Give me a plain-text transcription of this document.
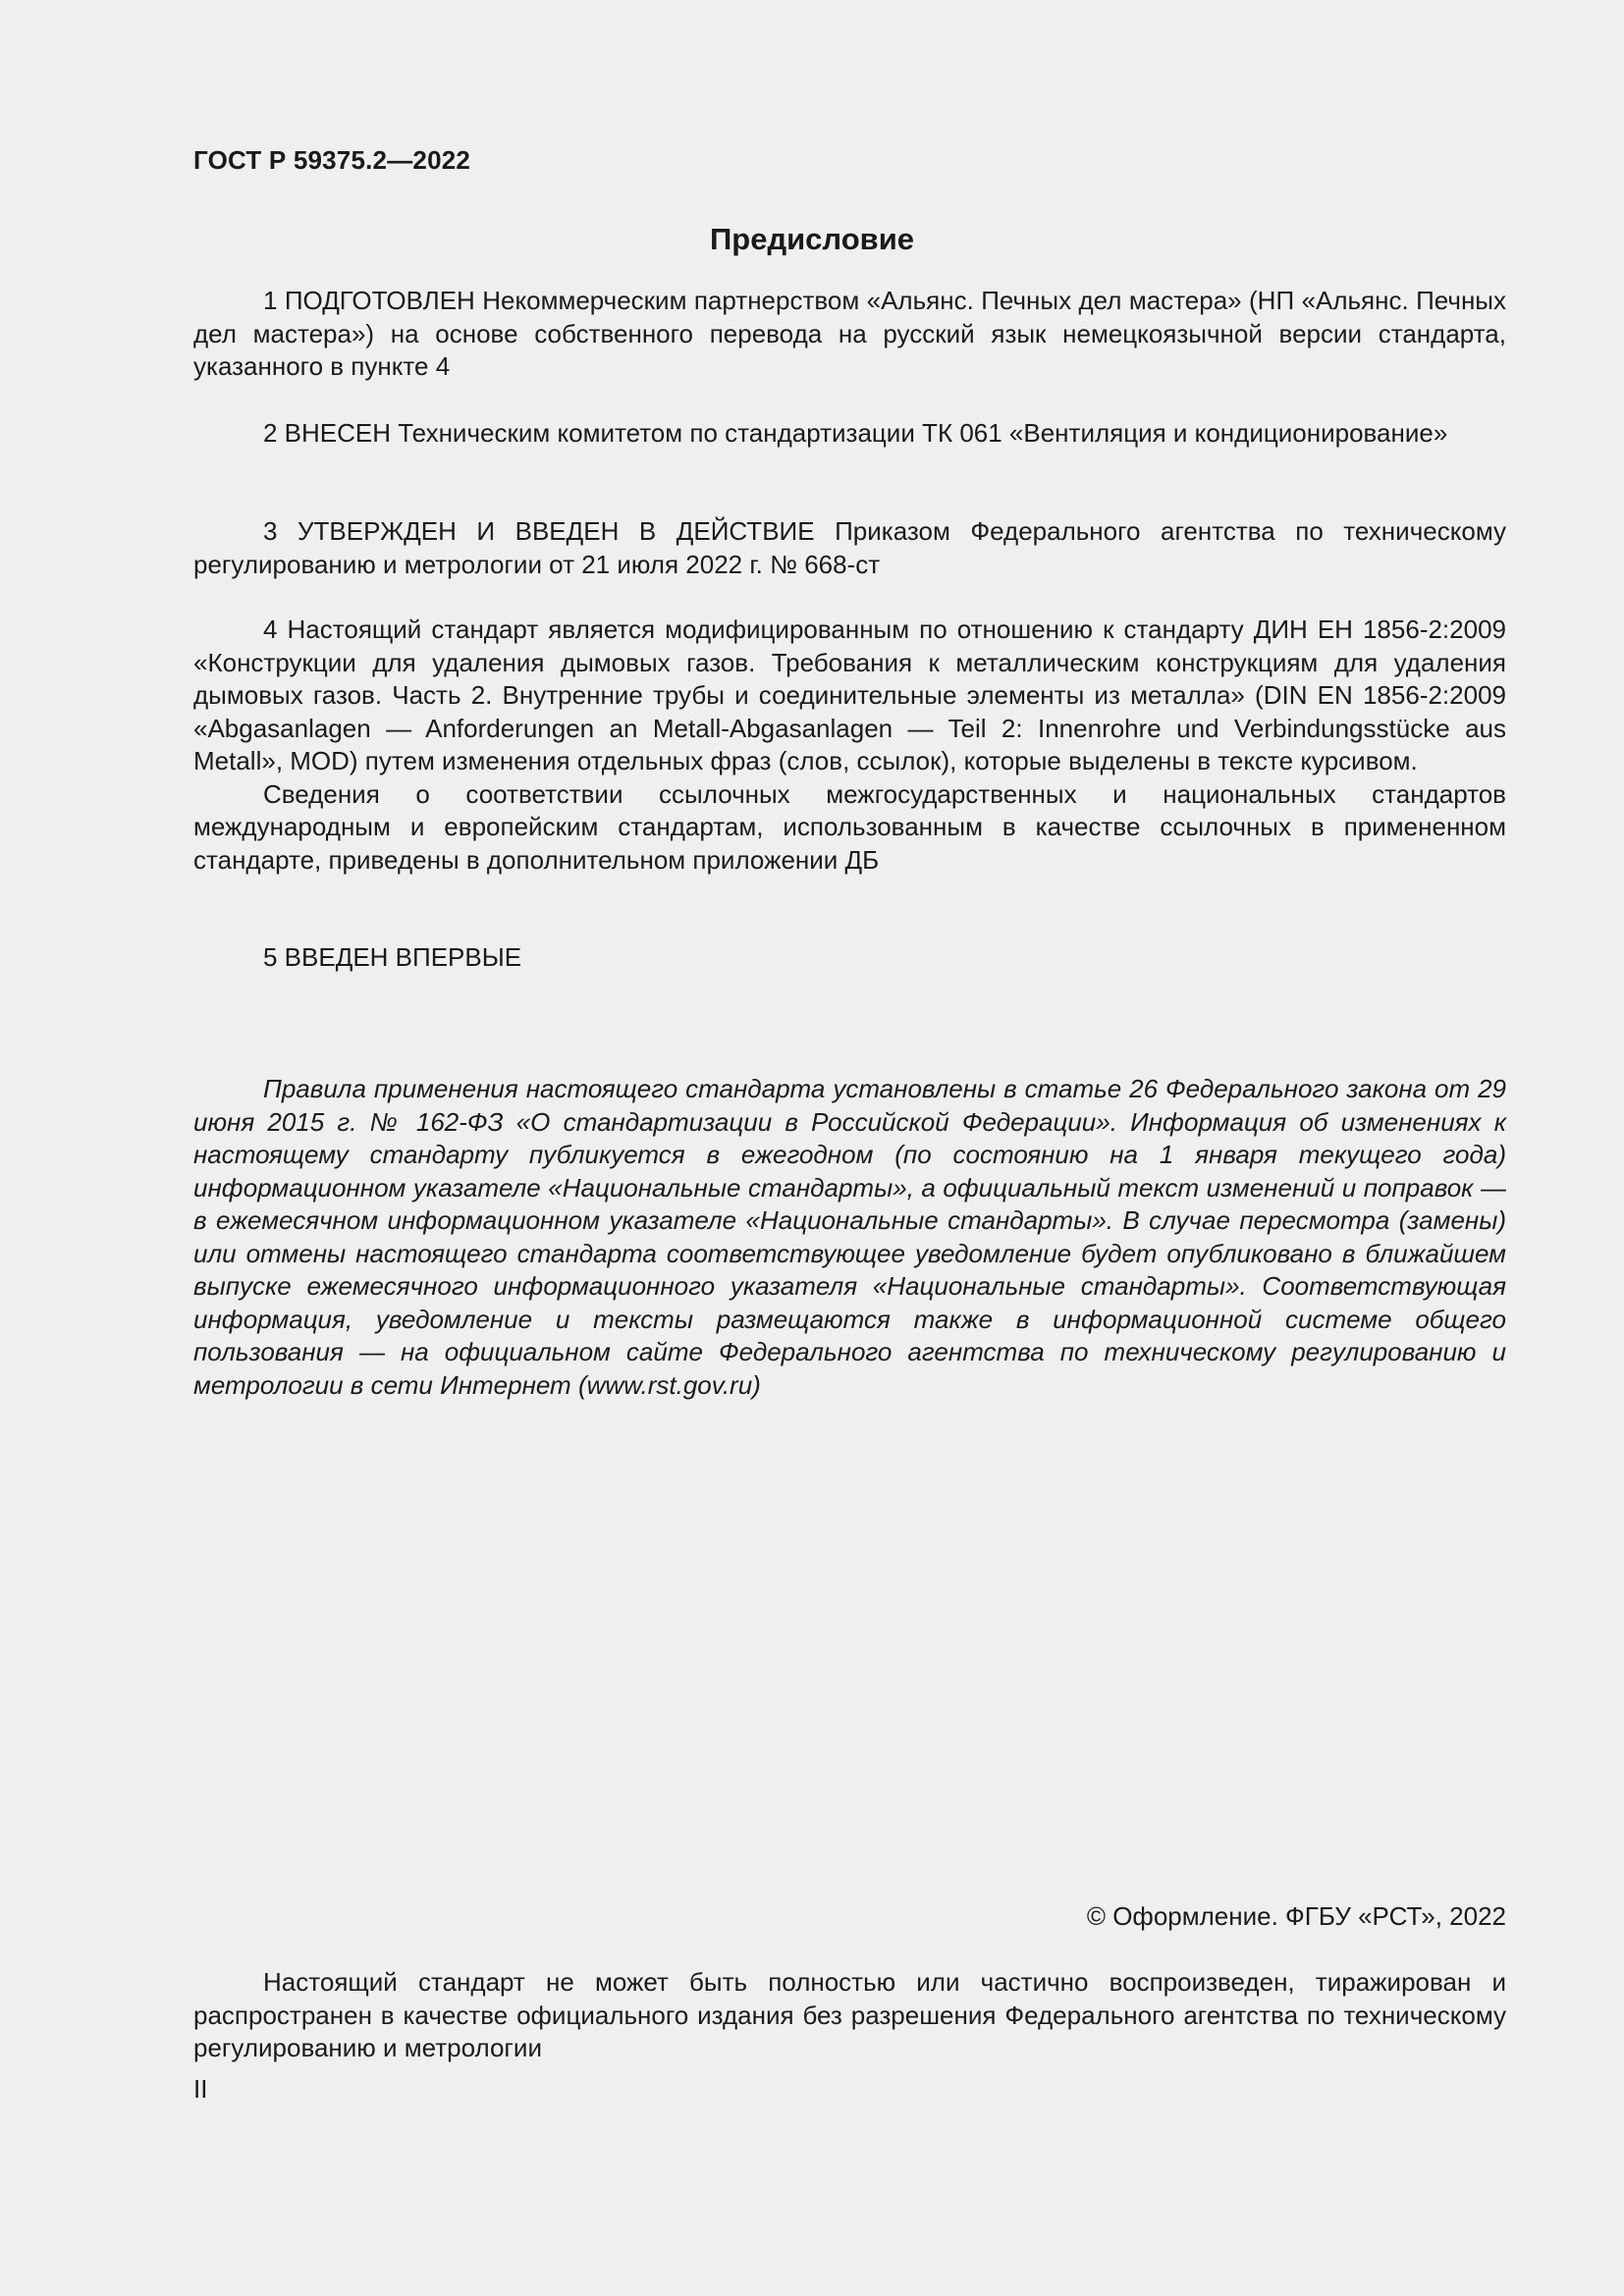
ГОСТ Р 59375.2—2022
Предисловие

1 ПОДГОТОВЛЕН Некоммерческим партнерством «Альянс. Печных дел мастера» (НП «Альянс. Печных дел мастера») на основе собственного перевода на русский язык немецкоязычной версии стандарта, указанного в пункте 4

2 ВНЕСЕН Техническим комитетом по стандартизации ТК 061 «Вентиляция и кондиционирование»

3 УТВЕРЖДЕН И ВВЕДЕН В ДЕЙСТВИЕ Приказом Федерального агентства по техническому регулированию и метрологии от 21 июля 2022 г. № 668-ст

4 Настоящий стандарт является модифицированным по отношению к стандарту ДИН ЕН 1856-2:2009 «Конструкции для удаления дымовых газов. Требования к металлическим конструкциям для удаления дымовых газов. Часть 2. Внутренние трубы и соединительные элементы из металла» (DIN EN 1856-2:2009 «Abgasanlagen — Anforderungen an Metall-Abgasanlagen — Teil 2: Innenrohre und Verbindungsstücke aus Metall», MOD) путем изменения отдельных фраз (слов, ссылок), которые выделены в тексте курсивом.

Сведения о соответствии ссылочных межгосударственных и национальных стандартов международным и европейским стандартам, использованным в качестве ссылочных в примененном стандарте, приведены в дополнительном приложении ДБ

5 ВВЕДЕН ВПЕРВЫЕ

Правила применения настоящего стандарта установлены в статье 26 Федерального закона от 29 июня 2015 г. № 162-ФЗ «О стандартизации в Российской Федерации». Информация об изменениях к настоящему стандарту публикуется в ежегодном (по состоянию на 1 января текущего года) информационном указателе «Национальные стандарты», а официальный текст изменений и поправок — в ежемесячном информационном указателе «Национальные стандарты». В случае пересмотра (замены) или отмены настоящего стандарта соответствующее уведомление будет опубликовано в ближайшем выпуске ежемесячного информационного указателя «Национальные стандарты». Соответствующая информация, уведомление и тексты размещаются также в информационной системе общего пользования — на официальном сайте Федерального агентства по техническому регулированию и метрологии в сети Интернет (www.rst.gov.ru)

© Оформление. ФГБУ «РСТ», 2022

Настоящий стандарт не может быть полностью или частично воспроизведен, тиражирован и распространен в качестве официального издания без разрешения Федерального агентства по техническому регулированию и метрологии

II
